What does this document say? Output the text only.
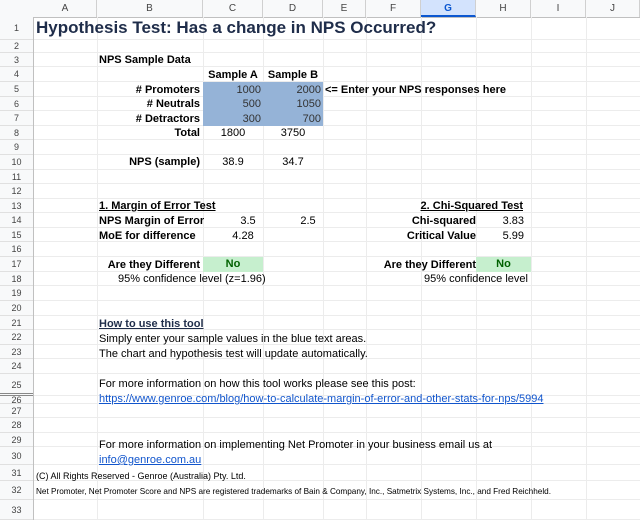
A	B	C	D	E	F	G	H	I	J
1
2
3
4
5
6
7
8
9
10
11
12
13
14
15
16
17
18
19
20
21
22
23
24
25
26
27
28
29
30
31
32
33
Hypothesis Test: Has a change in NPS Occurred?
NPS Sample Data
Sample A Sample B
# Promoters	1000	2000 <= Enter your NPS responses here
# Neutrals	500	1050
# Detractors	300	700
Total	1800	3750
NPS (sample)	38.9	34.7
1. Margin of Error Test	2. Chi-Squared Test
NPS Margin of Error	3.5	2.5	Chi-squared	3.83
MoE for difference	4.28	Critical Value	5.99
Are they Different	No	Are they Different	No
95% confidence level (z=1.96)	95% confidence level
How to use this tool
Simply enter your sample values in the blue text areas.
The chart and hypothesis test will update automatically.
For more information on how this tool works please see this post:
https://www.genroe.com/blog/how-to-calculate-margin-of-error-and-other-stats-for-nps/5994
For more information on implementing Net Promoter in your business email us at
info@genroe.com.au
(C) All Rights Reserved - Genroe (Australia) Pty. Ltd.
Net Promoter, Net Promoter Score and NPS are registered trademarks of Bain & Company, Inc., Satmetrix Systems, Inc., and Fred Reichheld.
